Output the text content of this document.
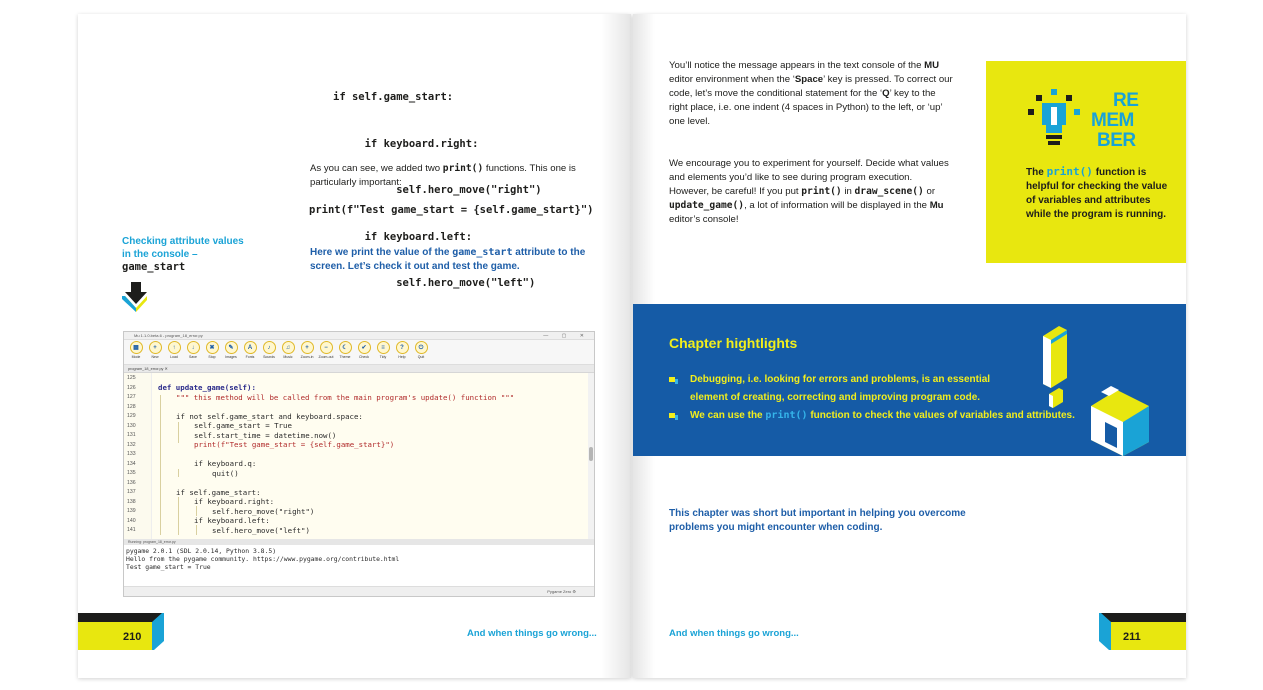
if self.game_start:

if keyboard.right:

self.hero_move("right")

if keyboard.left:

self.hero_move("left")

As you can see, we added two print() functions. This one is particularly important:
print(f"Test game_start = {self.game_start}")
Checking attribute values
in the console –
game_start
Here we print the value of the game_start attribute to the screen. Let’s check it out and test the game.
Mu 1.1.0.beta.6 - program_18_error.py	— ▢ ✕
▦
Mode
+
New
↑
Load
↓
Save
✖
Stop
✎
Images
A
Fonts
♪
Sounds
♫
Music
+
Zoom-in
−
Zoom-out
☾
Theme
✔
Check
≡
Tidy
?
Help
⏻
Quit
program_18_error.py ✕
125
126
127
128
129
130
131
132
133
134
135
136
137
138
139
140
141
def update_game(self):
""" this method will be called from the main program's update() function """
if not self.game_start and keyboard.space:
self.game_start = True
self.start_time = datetime.now()
print(f"Test game_start = {self.game_start}")
if keyboard.q:
quit()
if self.game_start:
if keyboard.right:
self.hero_move("right")
if keyboard.left:
self.hero_move("left")
Running: program_18_error.py
pygame 2.0.1 (SDL 2.0.14, Python 3.8.5)
Hello from the pygame community. https://www.pygame.org/contribute.html
Test game_start = True
Pygame Zero ⚙
210	And when things go wrong...
You’ll notice the message appears in the text console of the MU editor environment when the ‘Space’ key is pressed. To correct our code, let’s move the conditional statement for the ‘Q’ key to the right place, i.e. one indent (4 spaces in Python) to the left, or ‘up’ one level.
We encourage you to experiment for yourself. Decide what values and elements you’d like to see during program execution. However, be careful! If you put print() in draw_scene() or update_game(), a lot of information will be displayed in the Mu editor’s console!
RE
MEM
BER
The print() function is helpful for checking the value of variables and attributes while the program is running.
Chapter hightlights
Debugging, i.e. looking for errors and problems, is an essential
element of creating, correcting and improving program code.
We can use the print() function to check the values of variables and attributes.
This chapter was short but important in helping you overcome problems you might encounter when coding.
211
And when things go wrong...
